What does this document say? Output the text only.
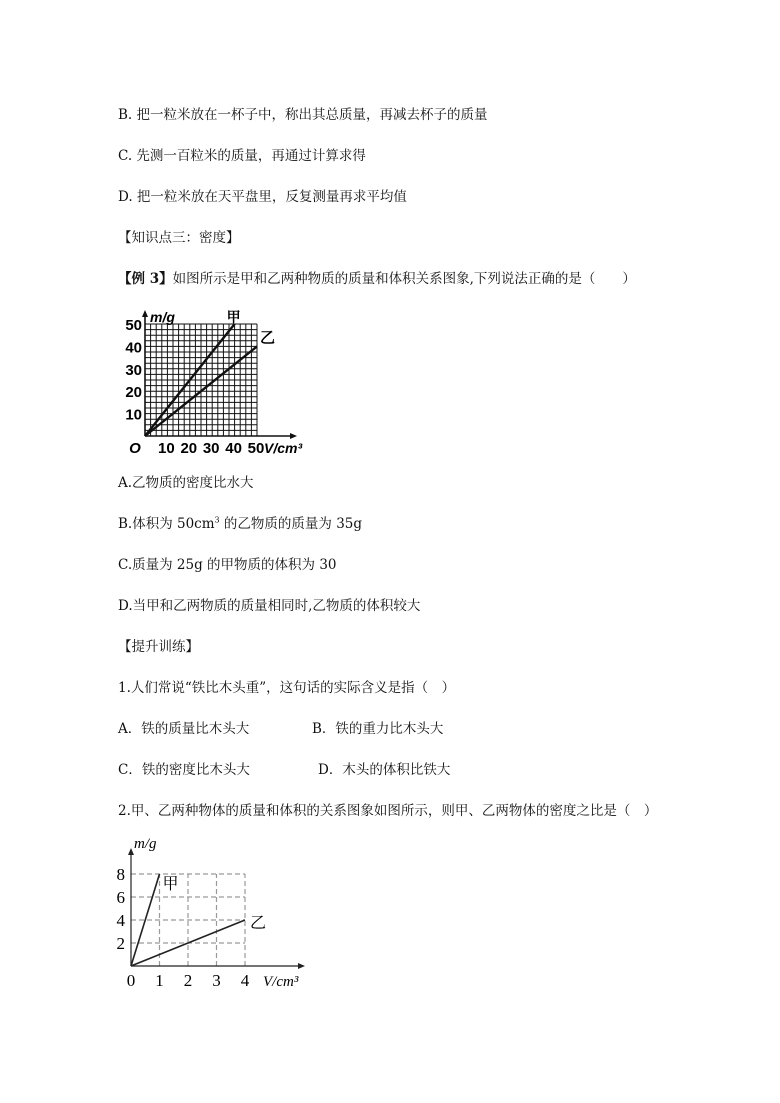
B. 把一粒米放在一杯子中，称出其总质量，再减去杯子的质量
C. 先测一百粒米的质量，再通过计算求得
D. 把一粒米放在天平盘里，反复测量再求平均值
【知识点三：密度】
【例 3】如图所示是甲和乙两种物质的质量和体积关系图象,下列说法正确的是（　　）
10
20
30
40
50
10 20 30 40 50
O
m/g
V/cm³
甲
乙
A.乙物质的密度比水大
B.体积为 $50cm^3$ 的乙物质的质量为 35g
C.质量为 25g 的甲物质的体积为 30
D.当甲和乙两物质的质量相同时,乙物质的体积较大
【提升训练】
1.人们常说“铁比木头重”，这句话的实际含义是指（　）
A．铁的质量比木头大	B．铁的重力比木头大
C．铁的密度比木头大	D．木头的体积比铁大
2.甲、乙两种物体的质量和体积的关系图象如图所示，则甲、乙两物体的密度之比是（　）
2
4
6
8
1 2 3 4
0
m/g
V/cm³
甲
乙
